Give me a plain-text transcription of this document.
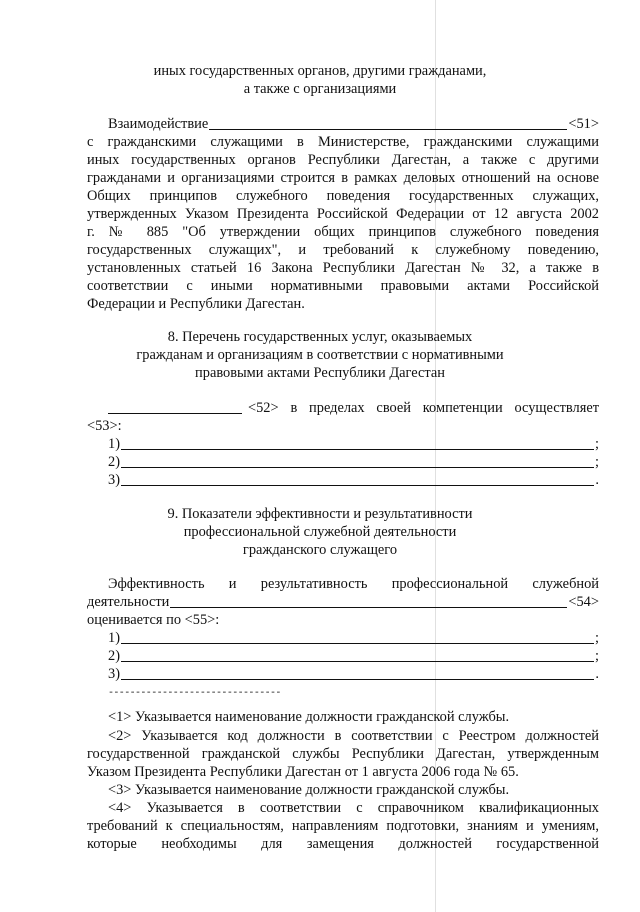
иных государственных органов, другими гражданами,
а также с организациями
Взаимодействие	<51>
с гражданскими служащими в Министерстве, гражданскими служащими
иных государственных органов Республики Дагестан, а также с другими
гражданами и организациями строится в рамках деловых отношений на основе
Общих принципов служебного поведения государственных служащих,
утвержденных Указом Президента Российской Федерации от 12 августа 2002
г. № 885 "Об утверждении общих принципов служебного поведения
государственных служащих", и требований к служебному поведению,
установленных статьей 16 Закона Республики Дагестан № 32, а также в
соответствии с иными нормативными правовыми актами Российской
Федерации и Республики Дагестан.
8. Перечень государственных услуг, оказываемых
гражданам и организациям в соответствии с нормативными
правовыми актами Республики Дагестан
<52> в пределах своей компетенции осуществляет
<53>:
1)	;
2)	;
3)	.
9. Показатели эффективности и результативности
профессиональной служебной деятельности
гражданского служащего
Эффективность и результативность профессиональной служебной
деятельности	<54>
оценивается по <55>:
1)	;
2)	;
3)	.
--------------------------------
<1> Указывается наименование должности гражданской службы.
<2> Указывается код должности в соответствии с Реестром должностей
государственной гражданской службы Республики Дагестан, утвержденным
Указом Президента Республики Дагестан от 1 августа 2006 года № 65.
<3> Указывается наименование должности гражданской службы.
<4> Указывается в соответствии с справочником квалификационных
требований к специальностям, направлениям подготовки, знаниям и умениям,
которые необходимы для замещения должностей государственной
